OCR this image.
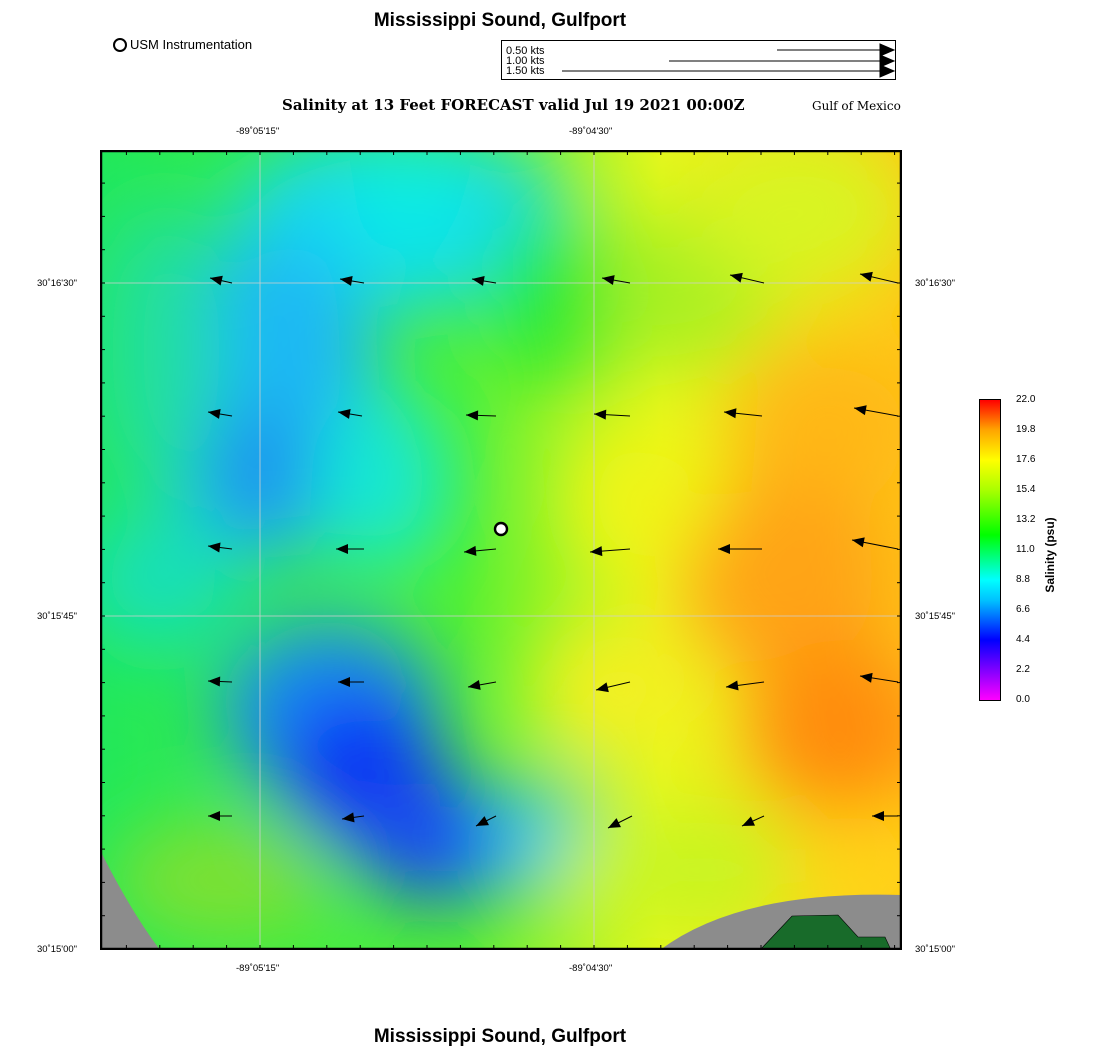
Mississippi Sound, Gulfport
USM Instrumentation	0.50 kts
1.00 kts
1.50 kts
Salinity at 13 Feet FORECAST valid Jul 19 2021 00:00Z	Gulf of Mexico
-89˚05'15"	-89˚04'30"
-89˚05'15"	-89˚04'30"
30˚16'30"
30˚15'45"
30˚15'00"
30˚16'30"
30˚15'45"
30˚15'00"
22.0
19.8
17.6
15.4
13.2
11.0
8.8
6.6
4.4
2.2
0.0
Salinity (psu)
Mississippi Sound, Gulfport
